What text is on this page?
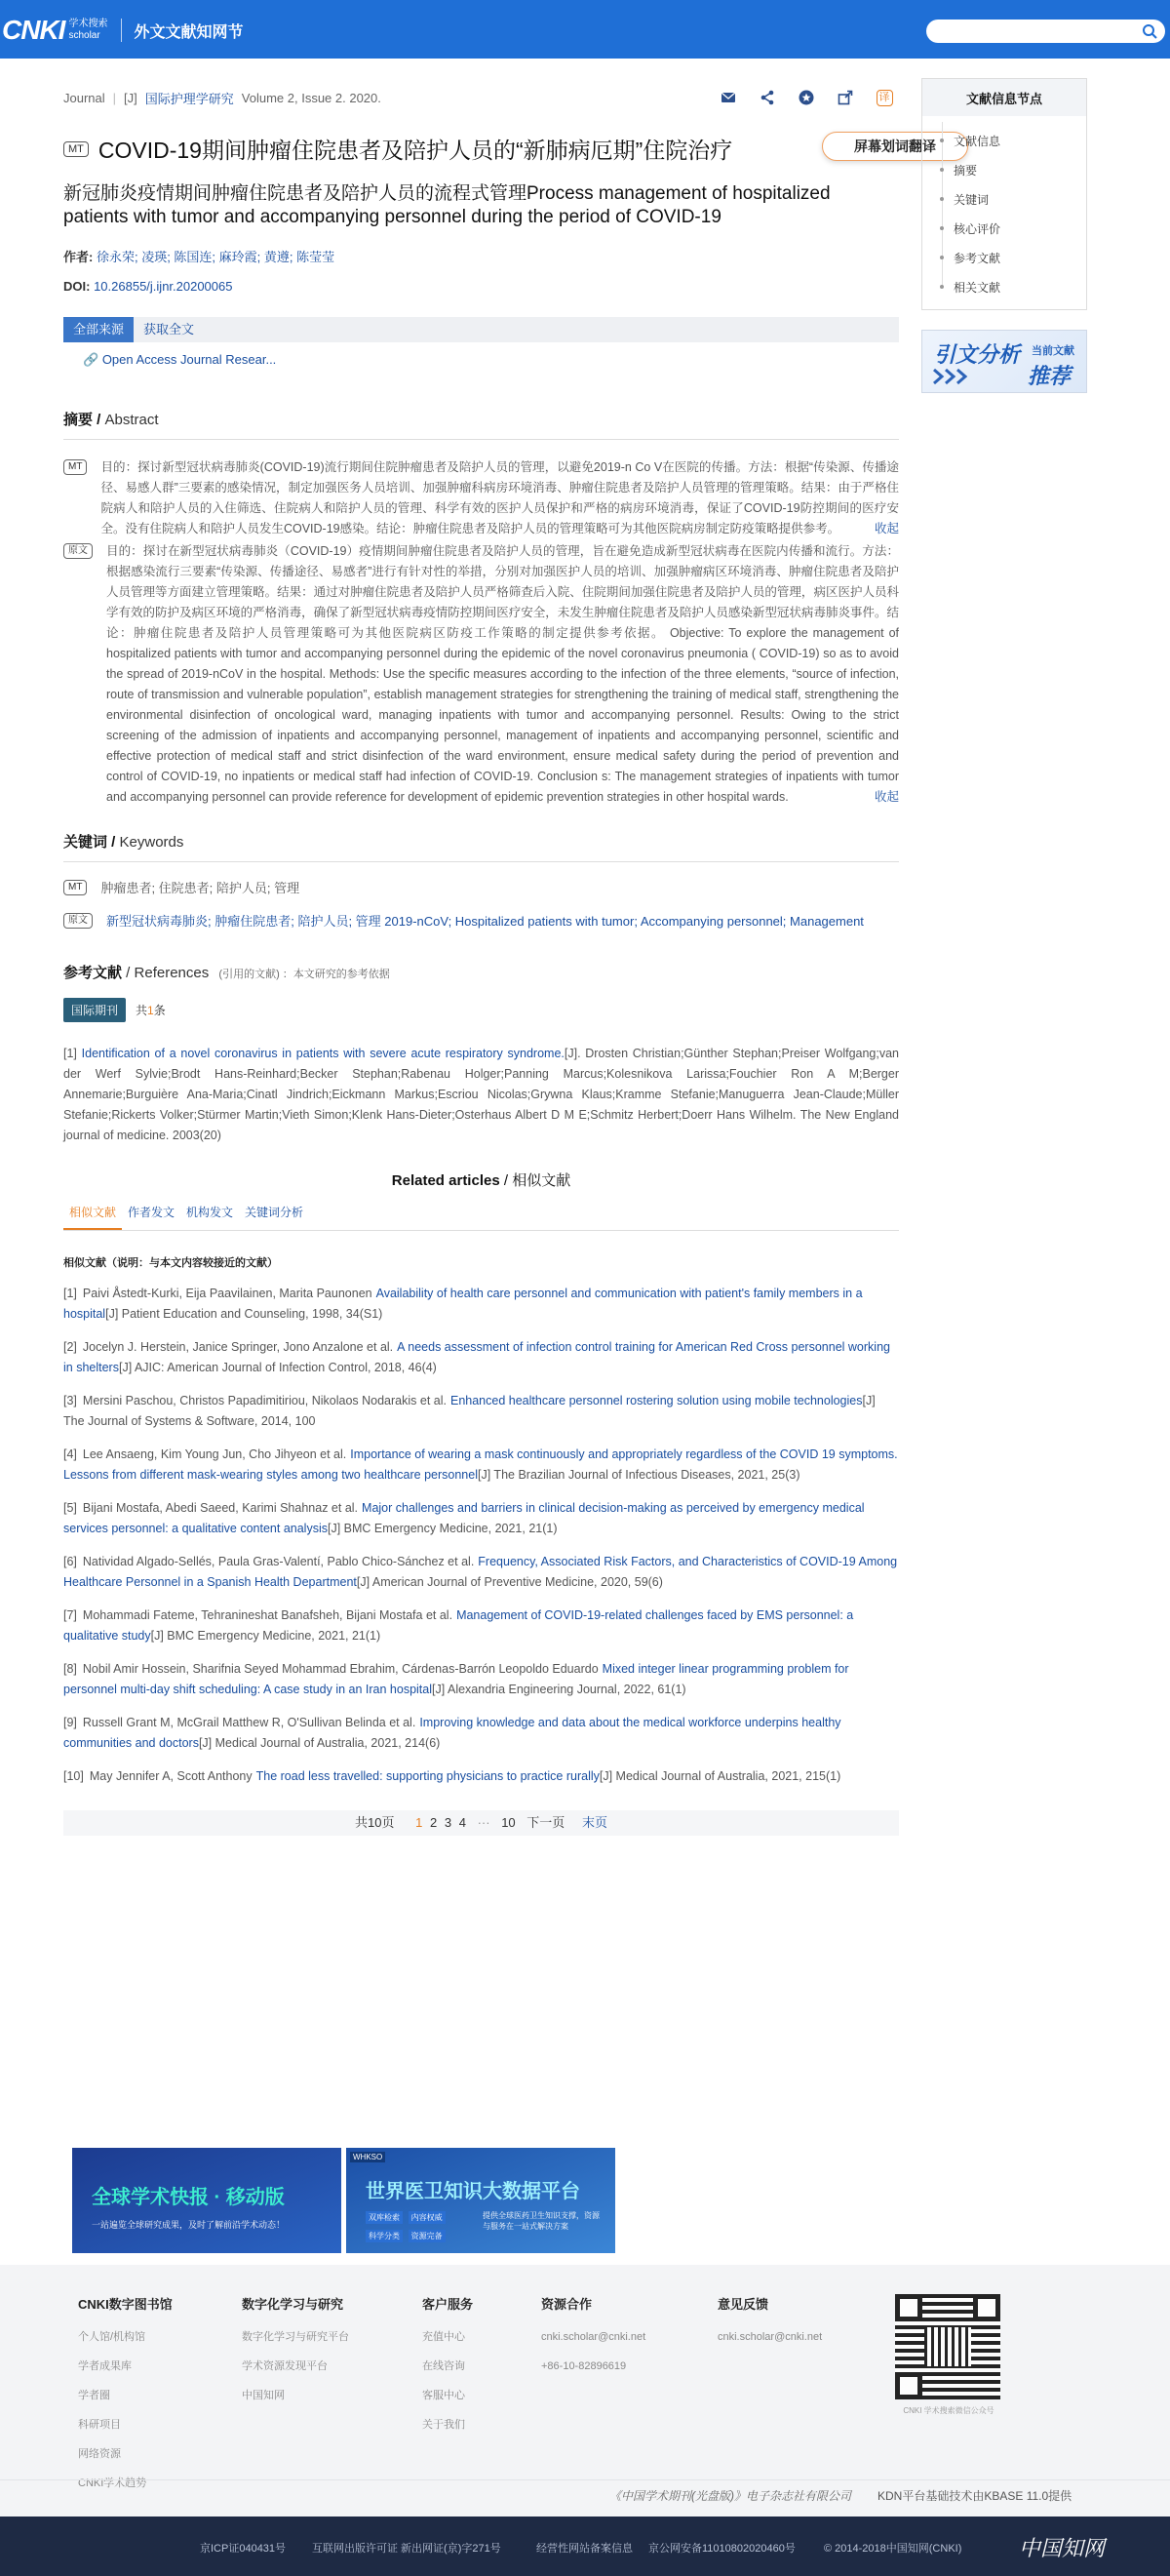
CNKI 学术搜索
scholar	外文文献知网节
Journal | [J] 国际护理学研究 Volume 2, Issue 2. 2020.	译
MT COVID-19期间肿瘤住院患者及陪护人员的“新肺病厄期”住院治疗
新冠肺炎疫情期间肿瘤住院患者及陪护人员的流程式管理Process management of hospitalized patients with tumor and accompanying personnel during the period of COVID-19
作者: 徐永荣; 凌瑛; 陈国连; 麻玲霞; 黄遵; 陈莹莹
DOI: 10.26855/j.ijnr.20200065
全部来源	获取全文
🔗 Open Access Journal Resear...
摘要 / Abstract
MT	目的：探讨新型冠状病毒肺炎(COVID-19)流行期间住院肿瘤患者及陪护人员的管理，以避免2019-n Co V在医院的传播。方法：根据“传染源、传播途径、易感人群”三要素的感染情况，制定加强医务人员培训、加强肿瘤科病房环境消毒、肿瘤住院患者及陪护人员管理的管理策略。结果：由于严格住院病人和陪护人员的入住筛选、住院病人和陪护人员的管理、科学有效的医护人员保护和严格的病房环境消毒，保证了COVID-19防控期间的医疗安全。没有住院病人和陪护人员发生COVID-19感染。结论：肿瘤住院患者及陪护人员的管理策略可为其他医院病房制定防疫策略提供参考。	收起
原文	目的：探讨在新型冠状病毒肺炎（COVID-19）疫情期间肿瘤住院患者及陪护人员的管理，旨在避免造成新型冠状病毒在医院内传播和流行。方法：根据感染流行三要素“传染源、传播途径、易感者”进行有针对性的举措，分别对加强医护人员的培训、加强肿瘤病区环境消毒、肿瘤住院患者及陪护人员管理等方面建立管理策略。结果：通过对肿瘤住院患者及陪护人员严格筛查后入院、住院期间加强住院患者及陪护人员的管理，病区医护人员科学有效的防护及病区环境的严格消毒，确保了新型冠状病毒疫情防控期间医疗安全，未发生肿瘤住院患者及陪护人员感染新型冠状病毒肺炎事件。结论：肿瘤住院患者及陪护人员管理策略可为其他医院病区防疫工作策略的制定提供参考依据。 Objective: To explore the management of hospitalized patients with tumor and accompanying personnel during the epidemic of the novel coronavirus pneumonia ( COVID-19) so as to avoid the spread of 2019-nCoV in the hospital. Methods: Use the specific measures according to the infection of the three elements, “source of infection, route of transmission and vulnerable population”, establish management strategies for strengthening the training of medical staff, strengthening the environmental disinfection of oncological ward, managing inpatients with tumor and accompanying personnel. Results: Owing to the strict screening of the admission of inpatients and accompanying personnel, management of inpatients and accompanying personnel, scientific and effective protection of medical staff and strict disinfection of the ward environment, ensure medical safety during the period of prevention and control of COVID-19, no inpatients or medical staff had infection of COVID-19. Conclusion s: The management strategies of inpatients with tumor and accompanying personnel can provide reference for development of epidemic prevention strategies in other hospital wards.	收起
关键词 / Keywords
MT	肿瘤患者; 住院患者; 陪护人员; 管理
原文	新型冠状病毒肺炎; 肿瘤住院患者; 陪护人员; 管理 2019-nCoV; Hospitalized patients with tumor; Accompanying personnel; Management
参考文献 / References (引用的文献) ：本文研究的参考依据
国际期刊	共1条
[1] Identification of a novel coronavirus in patients with severe acute respiratory syndrome.[J]. Drosten Christian;Günther Stephan;Preiser Wolfgang;van der Werf Sylvie;Brodt Hans-Reinhard;Becker Stephan;Rabenau Holger;Panning Marcus;Kolesnikova Larissa;Fouchier Ron A M;Berger Annemarie;Burguière Ana-Maria;Cinatl Jindrich;Eickmann Markus;Escriou Nicolas;Grywna Klaus;Kramme Stefanie;Manuguerra Jean-Claude;Müller Stefanie;Rickerts Volker;Stürmer Martin;Vieth Simon;Klenk Hans-Dieter;Osterhaus Albert D M E;Schmitz Herbert;Doerr Hans Wilhelm. The New England journal of medicine. 2003(20)
Related articles / 相似文献
相似文献	作者发文	机构发文	关键词分析
相似文献（说明：与本文内容较接近的文献）
[1] Paivi Åstedt-Kurki, Eija Paavilainen, Marita Paunonen Availability of health care personnel and communication with patient's family members in a hospital[J] Patient Education and Counseling, 1998, 34(S1)
[2] Jocelyn J. Herstein, Janice Springer, Jono Anzalone et al. A needs assessment of infection control training for American Red Cross personnel working in shelters[J] AJIC: American Journal of Infection Control, 2018, 46(4)
[3] Mersini Paschou, Christos Papadimitiriou, Nikolaos Nodarakis et al. Enhanced healthcare personnel rostering solution using mobile technologies[J] The Journal of Systems & Software, 2014, 100
[4] Lee Ansaeng, Kim Young Jun, Cho Jihyeon et al. Importance of wearing a mask continuously and appropriately regardless of the COVID 19 symptoms. Lessons from different mask-wearing styles among two healthcare personnel[J] The Brazilian Journal of Infectious Diseases, 2021, 25(3)
[5] Bijani Mostafa, Abedi Saeed, Karimi Shahnaz et al. Major challenges and barriers in clinical decision-making as perceived by emergency medical services personnel: a qualitative content analysis[J] BMC Emergency Medicine, 2021, 21(1)
[6] Natividad Algado-Sellés, Paula Gras-Valentí, Pablo Chico-Sánchez et al. Frequency, Associated Risk Factors, and Characteristics of COVID-19 Among Healthcare Personnel in a Spanish Health Department[J] American Journal of Preventive Medicine, 2020, 59(6)
[7] Mohammadi Fateme, Tehranineshat Banafsheh, Bijani Mostafa et al. Management of COVID-19-related challenges faced by EMS personnel: a qualitative study[J] BMC Emergency Medicine, 2021, 21(1)
[8] Nobil Amir Hossein, Sharifnia Seyed Mohammad Ebrahim, Cárdenas-Barrón Leopoldo Eduardo Mixed integer linear programming problem for personnel multi-day shift scheduling: A case study in an Iran hospital[J] Alexandria Engineering Journal, 2022, 61(1)
[9] Russell Grant M, McGrail Matthew R, O'Sullivan Belinda et al. Improving knowledge and data about the medical workforce underpins healthy communities and doctors[J] Medical Journal of Australia, 2021, 214(6)
[10] May Jennifer A, Scott Anthony The road less travelled: supporting physicians to practice rurally[J] Medical Journal of Australia, 2021, 215(1)
共10页 1 2 3 4 ··· 10 下一页 末页
屏幕划词翻译
文献信息节点
文献信息
摘要
关键词
核心评价
参考文献
相关文献
引文分析 当前文献
推荐
全球学术快报 · 移动版
一站遍览全球研究成果，及时了解前沿学术动态！
WHKSO
世界医卫知识大数据平台
双库检索 内容权威 科学分类 资源完备
提供全球医药卫生知识支撑，资源与服务在一站式解决方案
CNKI数字图书馆
个人馆/机构馆
学者成果库
学者圈
科研项目
网络资源
CNKI学术趋势
数字化学习与研究
数字化学习与研究平台
学术资源发现平台
中国知网
客户服务
充值中心
在线咨询
客服中心
关于我们
资源合作
cnki.scholar@cnki.net
+86-10-82896619
意见反馈
cnki.scholar@cnki.net
CNKI 学术搜索微信公众号
《中国学术期刊(光盘版)》电子杂志社有限公司 KDN平台基础技术由KBASE 11.0提供
京ICP证040431号 互联网出版许可证 新出网证(京)字271号	经营性网站备案信息 京公网安备11010802020460号	© 2014-2018中国知网(CNKI)	中国知网
